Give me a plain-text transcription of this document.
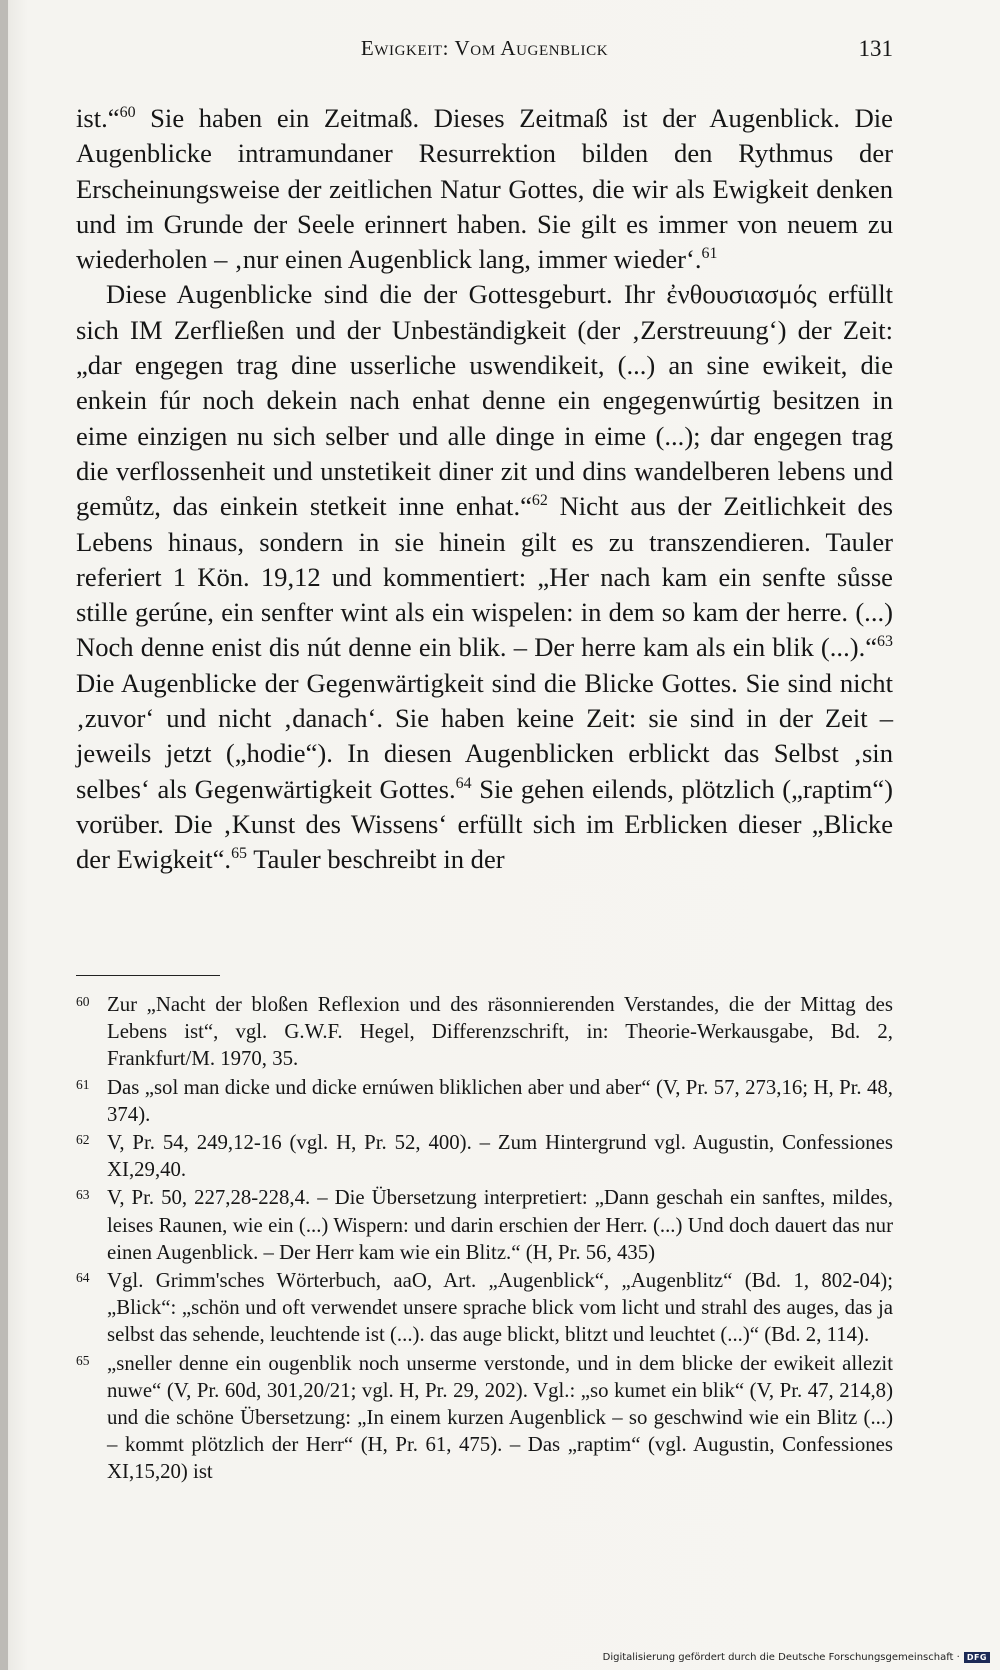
Ewigkeit: Vom Augenblick	131

ist.“$^{60}$ Sie haben ein Zeitmaß. Dieses Zeitmaß ist der Augenblick. Die Augenblicke intramundaner Resurrektion bilden den Rythmus der Erscheinungsweise der zeitlichen Natur Gottes, die wir als Ewigkeit denken und im Grunde der Seele erinnert haben. Sie gilt es immer von neuem zu wiederholen – ‚nur einen Augenblick lang, immer wieder‘.$^{61}$

Diese Augenblicke sind die der Gottesgeburt. Ihr ἐνθουσιασμός erfüllt sich IM Zerfließen und der Unbeständigkeit (der ‚Zerstreuung‘) der Zeit: „dar engegen trag dine usserliche uswendikeit, (...) an sine ewikeit, die enkein fúr noch dekein nach enhat denne ein engegenwúrtig besitzen in eime einzigen nu sich selber und alle dinge in eime (...); dar engegen trag die verflossenheit und unstetikeit diner zit und dins wandelberen lebens und gemůtz, das einkein stetkeit inne enhat.“$^{62}$ Nicht aus der Zeitlichkeit des Lebens hinaus, sondern in sie hinein gilt es zu transzendieren. Tauler referiert 1 Kön. 19,12 und kommentiert: „Her nach kam ein senfte sůsse stille gerúne, ein senfter wint als ein wispelen: in dem so kam der herre. (...) Noch denne enist dis nút denne ein blik. – Der herre kam als ein blik (...).“$^{63}$ Die Augenblicke der Gegenwärtigkeit sind die Blicke Gottes. Sie sind nicht ‚zuvor‘ und nicht ‚danach‘. Sie haben keine Zeit: sie sind in der Zeit – jeweils jetzt („hodie“). In diesen Augenblicken erblickt das Selbst ‚sin selbes‘ als Gegenwärtigkeit Gottes.$^{64}$ Sie gehen eilends, plötzlich („raptim“) vorüber. Die ‚Kunst des Wissens‘ erfüllt sich im Erblicken dieser „Blicke der Ewigkeit“.$^{65}$ Tauler beschreibt in der

60 Zur „Nacht der bloßen Reflexion und des räsonnierenden Verstandes, die der Mittag des Lebens ist“, vgl. G.W.F. Hegel, Differenzschrift, in: Theorie-Werkausgabe, Bd. 2, Frankfurt/M. 1970, 35.
61 Das „sol man dicke und dicke ernúwen bliklichen aber und aber“ (V, Pr. 57, 273,16; H, Pr. 48, 374).
62 V, Pr. 54, 249,12-16 (vgl. H, Pr. 52, 400). – Zum Hintergrund vgl. Augustin, Confessiones XI,29,40.
63 V, Pr. 50, 227,28-228,4. – Die Übersetzung interpretiert: „Dann geschah ein sanftes, mildes, leises Raunen, wie ein (...) Wispern: und darin erschien der Herr. (...) Und doch dauert das nur einen Augenblick. – Der Herr kam wie ein Blitz.“ (H, Pr. 56, 435)
64 Vgl. Grimm'sches Wörterbuch, aaO, Art. „Augenblick“, „Augenblitz“ (Bd. 1, 802-04); „Blick“: „schön und oft verwendet unsere sprache blick vom licht und strahl des auges, das ja selbst das sehende, leuchtende ist (...). das auge blickt, blitzt und leuchtet (...)“ (Bd. 2, 114).
65 „sneller denne ein ougenblik noch unserme verstonde, und in dem blicke der ewikeit allezit nuwe“ (V, Pr. 60d, 301,20/21; vgl. H, Pr. 29, 202). Vgl.: „so kumet ein blik“ (V, Pr. 47, 214,8) und die schöne Übersetzung: „In einem kurzen Augenblick – so geschwind wie ein Blitz (...) – kommt plötzlich der Herr“ (H, Pr. 61, 475). – Das „raptim“ (vgl. Augustin, Confessiones XI,15,20) ist
Digitalisierung gefördert durch die Deutsche Forschungsgemeinschaft · DFG
